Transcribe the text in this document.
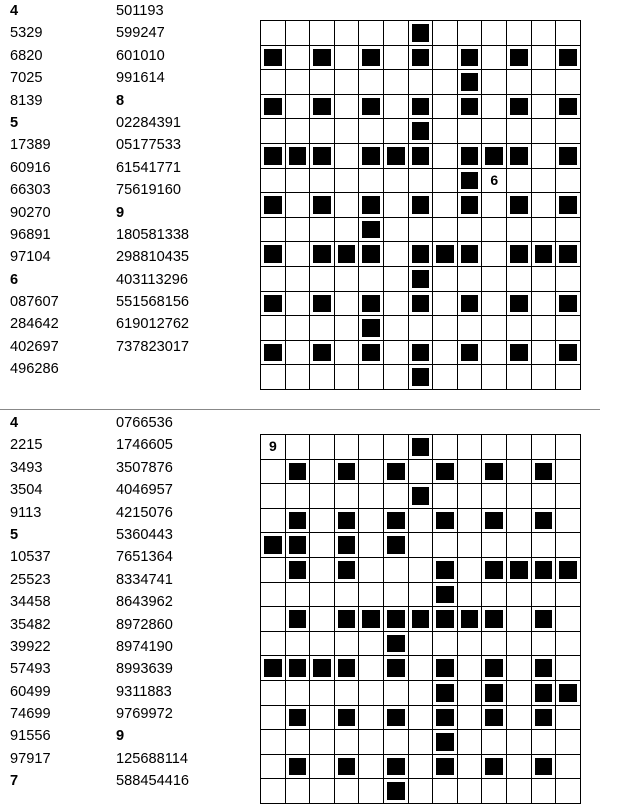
4
5329
6820
7025
8139
5
17389
60916
66303
90270
96891
97104
6
087607
284642
402697
496286
501193
599247
601010
991614
8
02284391
05177533
61541771
75619160
9
180581338
298810435
403113296
551568156
619012762
737823017
6
4
2215
3493
3504
9113
5
10537
25523
34458
35482
39922
57493
60499
74699
91556
97917
7
0766536
1746605
3507876
4046957
4215076
5360443
7651364
8334741
8643962
8972860
8974190
8993639
9311883
9769972
9
125688114
588454416
9
